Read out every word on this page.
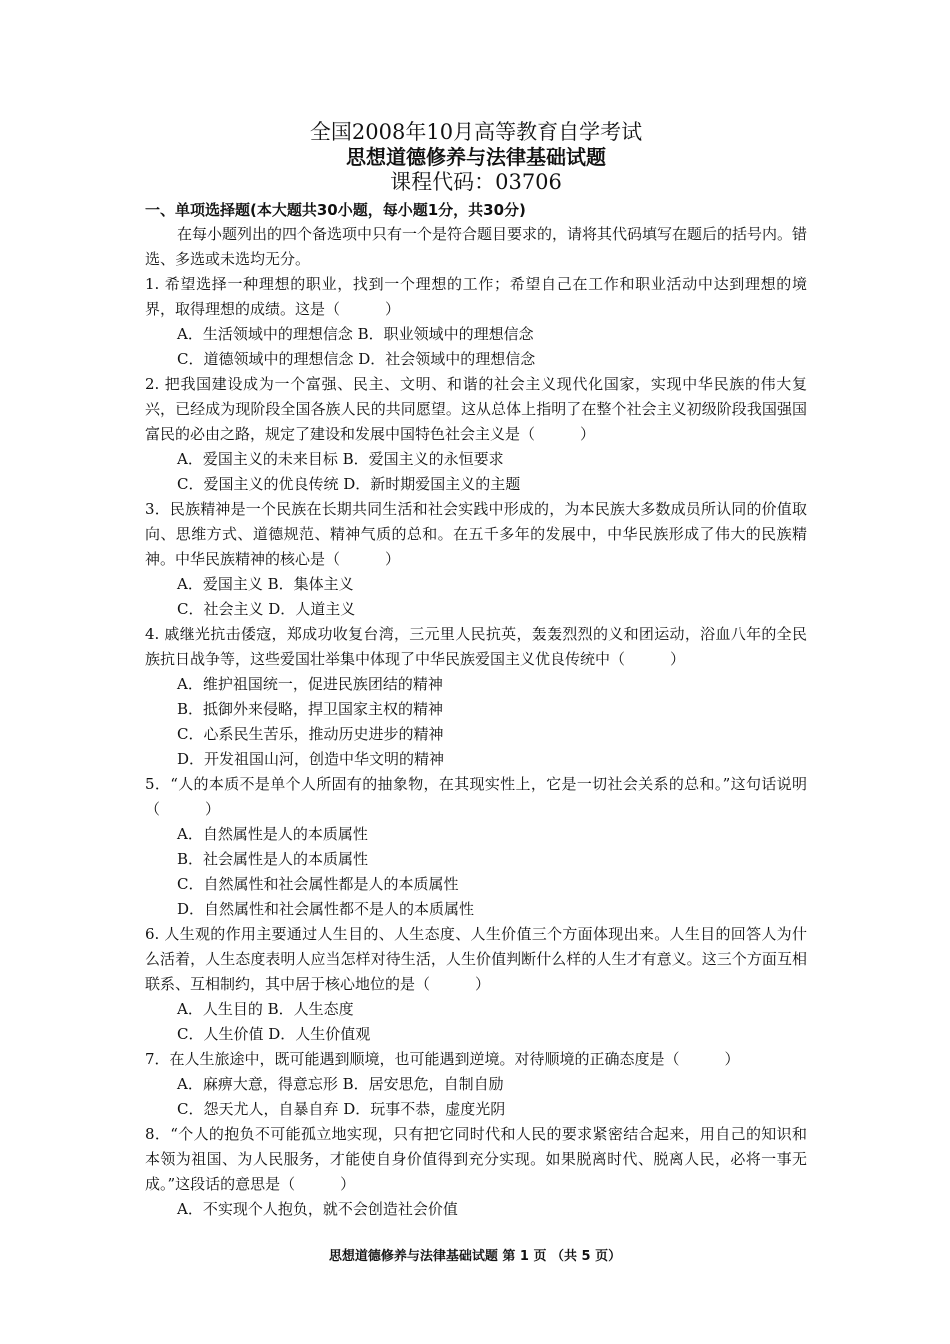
全国2008年10月高等教育自学考试

思想道德修养与法律基础试题

课程代码：03706

一、单项选择题(本大题共30小题，每小题1分，共30分)

在每小题列出的四个备选项中只有一个是符合题目要求的，请将其代码填写在题后的括号内。错选、多选或未选均无分。

1. 希望选择一种理想的职业，找到一个理想的工作；希望自己在工作和职业活动中达到理想的境界，取得理想的成绩。这是（　　　）

A．生活领域中的理想信念 B．职业领域中的理想信念

C．道德领域中的理想信念 D．社会领域中的理想信念

2. 把我国建设成为一个富强、民主、文明、和谐的社会主义现代化国家，实现中华民族的伟大复兴，已经成为现阶段全国各族人民的共同愿望。这从总体上指明了在整个社会主义初级阶段我国强国富民的必由之路，规定了建设和发展中国特色社会主义是（　　　）

A．爱国主义的未来目标 B．爱国主义的永恒要求

C．爱国主义的优良传统 D．新时期爱国主义的主题

3．民族精神是一个民族在长期共同生活和社会实践中形成的，为本民族大多数成员所认同的价值取向、思维方式、道德规范、精神气质的总和。在五千多年的发展中，中华民族形成了伟大的民族精神。中华民族精神的核心是（　　　）

A．爱国主义 B．集体主义

C．社会主义 D．人道主义

4. 戚继光抗击倭寇，郑成功收复台湾，三元里人民抗英，轰轰烈烈的义和团运动，浴血八年的全民族抗日战争等，这些爱国壮举集中体现了中华民族爱国主义优良传统中（　　　）

A．维护祖国统一，促进民族团结的精神

B．抵御外来侵略，捍卫国家主权的精神

C．心系民生苦乐，推动历史进步的精神

D．开发祖国山河，创造中华文明的精神

5．“人的本质不是单个人所固有的抽象物，在其现实性上，它是一切社会关系的总和。”这句话说明（　　　）

A．自然属性是人的本质属性

B．社会属性是人的本质属性

C．自然属性和社会属性都是人的本质属性

D．自然属性和社会属性都不是人的本质属性

6. 人生观的作用主要通过人生目的、人生态度、人生价值三个方面体现出来。人生目的回答人为什么活着，人生态度表明人应当怎样对待生活，人生价值判断什么样的人生才有意义。这三个方面互相联系、互相制约，其中居于核心地位的是（　　　）

A．人生目的 B．人生态度

C．人生价值 D．人生价值观

7．在人生旅途中，既可能遇到顺境，也可能遇到逆境。对待顺境的正确态度是（　　　）

A．麻痹大意，得意忘形 B．居安思危，自制自励

C．怨天尤人，自暴自弃 D．玩事不恭，虚度光阴

8．“个人的抱负不可能孤立地实现，只有把它同时代和人民的要求紧密结合起来，用自己的知识和本领为祖国、为人民服务，才能使自身价值得到充分实现。如果脱离时代、脱离人民，必将一事无成。”这段话的意思是（　　　）

A．不实现个人抱负，就不会创造社会价值

思想道德修养与法律基础试题 第 1 页 （共 5 页）
